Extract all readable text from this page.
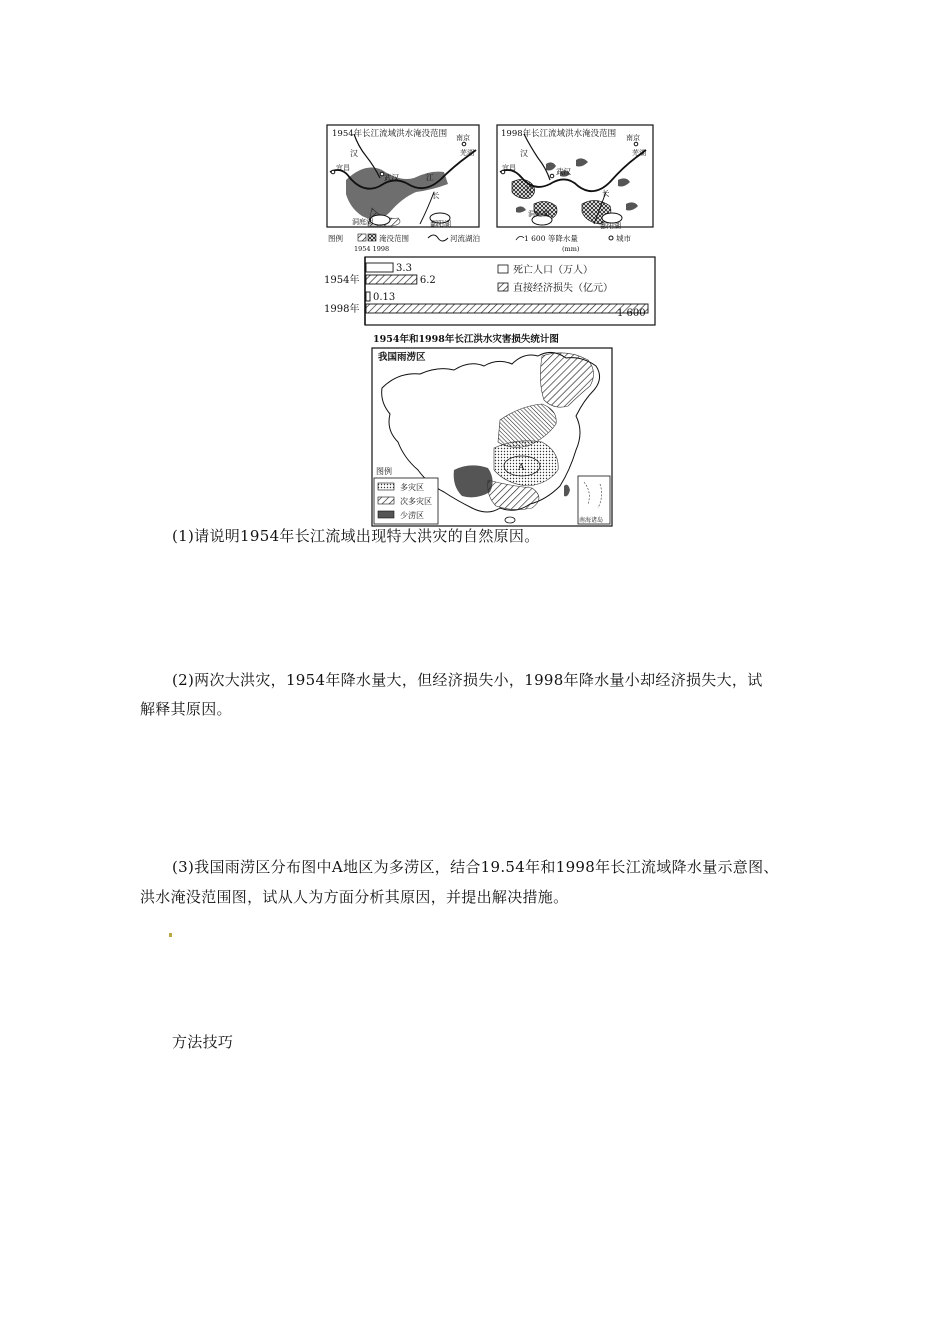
1954年长江流域洪水淹没范围
汉
宜昌
武汉	江
长
南京
芜湖
洞庭湖	鄱阳湖
1998年长江流域洪水淹没范围
汉
宜昌	武汉
江	长
南京
芜湖
洞庭湖
鄱阳湖
图例	淹没范围
1954 1998
河流湖泊	1 600 等降水量
(mm)
城市
1954年
1998年
3.3
6.2
0.13
1 600
死亡人口（万人）
直接经济损失（亿元）
1954年和1998年长江洪水灾害损失统计图
我国雨涝区
A
图例
多灾区
次多灾区
少涝区
南海诸岛
(1)请说明1954年长江流域出现特大洪灾的自然原因。
(2)两次大洪灾，1954年降水量大，但经济损失小，1998年降水量小却经济损失大，试
解释其原因。
(3)我国雨涝区分布图中A地区为多涝区，结合19.54年和1998年长江流域降水量示意图、
洪水淹没范围图，试从人为方面分析其原因，并提出解决措施。
方法技巧
